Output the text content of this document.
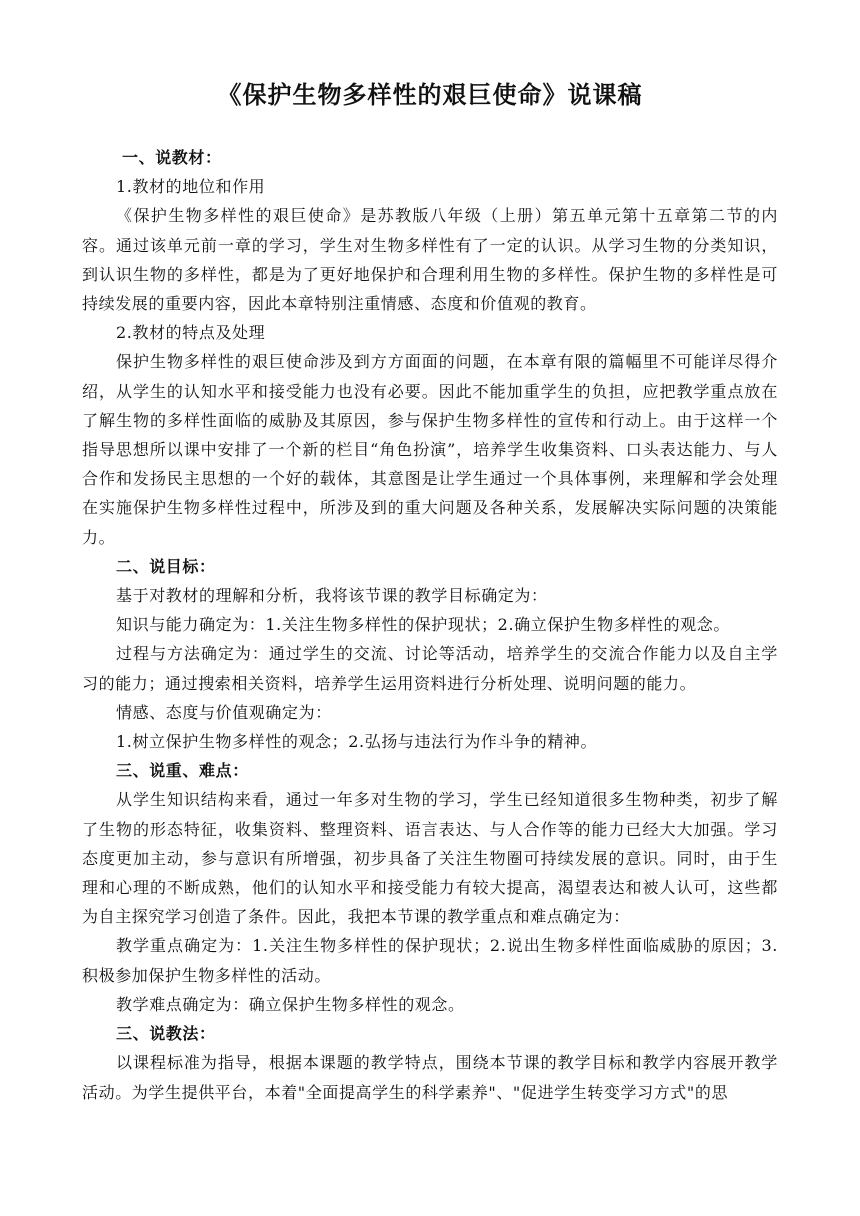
《保护生物多样性的艰巨使命》说课稿

一、说教材：

1.教材的地位和作用

《保护生物多样性的艰巨使命》是苏教版八年级（上册）第五单元第十五章第二节的内容。通过该单元前一章的学习，学生对生物多样性有了一定的认识。从学习生物的分类知识，到认识生物的多样性，都是为了更好地保护和合理利用生物的多样性。保护生物的多样性是可持续发展的重要内容，因此本章特别注重情感、态度和价值观的教育。

2.教材的特点及处理

保护生物多样性的艰巨使命涉及到方方面面的问题，在本章有限的篇幅里不可能详尽得介绍，从学生的认知水平和接受能力也没有必要。因此不能加重学生的负担，应把教学重点放在了解生物的多样性面临的威胁及其原因，参与保护生物多样性的宣传和行动上。由于这样一个指导思想所以课中安排了一个新的栏目“角色扮演”，培养学生收集资料、口头表达能力、与人合作和发扬民主思想的一个好的载体，其意图是让学生通过一个具体事例，来理解和学会处理在实施保护生物多样性过程中，所涉及到的重大问题及各种关系，发展解决实际问题的决策能力。

二、说目标：

基于对教材的理解和分析，我将该节课的教学目标确定为：

知识与能力确定为：1.关注生物多样性的保护现状；2.确立保护生物多样性的观念。

过程与方法确定为：通过学生的交流、讨论等活动，培养学生的交流合作能力以及自主学习的能力；通过搜索相关资料，培养学生运用资料进行分析处理、说明问题的能力。

情感、态度与价值观确定为：

1.树立保护生物多样性的观念；2.弘扬与违法行为作斗争的精神。

三、说重、难点：

从学生知识结构来看，通过一年多对生物的学习，学生已经知道很多生物种类，初步了解了生物的形态特征，收集资料、整理资料、语言表达、与人合作等的能力已经大大加强。学习态度更加主动，参与意识有所增强，初步具备了关注生物圈可持续发展的意识。同时，由于生理和心理的不断成熟，他们的认知水平和接受能力有较大提高，渴望表达和被人认可，这些都为自主探究学习创造了条件。因此，我把本节课的教学重点和难点确定为：

教学重点确定为：1.关注生物多样性的保护现状；2.说出生物多样性面临威胁的原因；3.积极参加保护生物多样性的活动。

教学难点确定为：确立保护生物多样性的观念。

三、说教法：

以课程标准为指导，根据本课题的教学特点，围绕本节课的教学目标和教学内容展开教学活动。为学生提供平台，本着"全面提高学生的科学素养"、"促进学生转变学习方式"的思
